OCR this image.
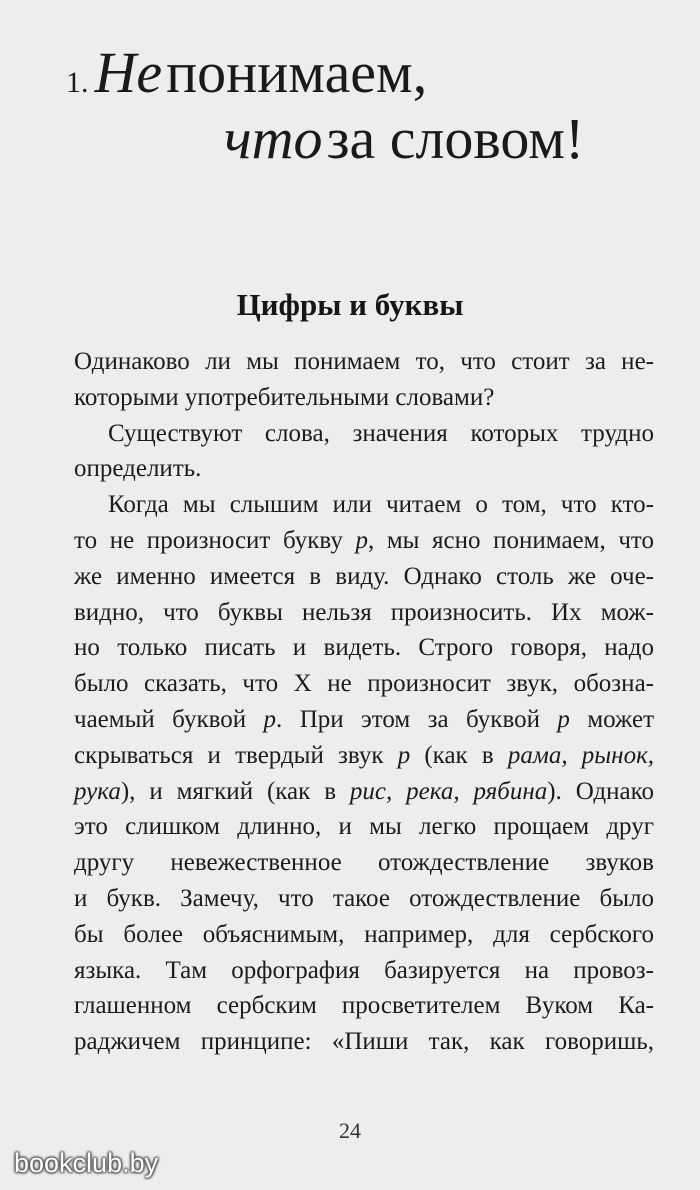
1. Не понимаем,
что за словом!
Цифры и буквы
Одинаково ли мы понимаем то, что стоит за не-
которыми употребительными словами?
Существуют слова, значения которых трудно
определить.
Когда мы слышим или читаем о том, что кто-
то не произносит букву р, мы ясно понимаем, что
же именно имеется в виду. Однако столь же оче-
видно, что буквы нельзя произносить. Их мож-
но только писать и видеть. Строго говоря, надо
было сказать, что Х не произносит звук, обозна-
чаемый буквой р. При этом за буквой р может
скрываться и твердый звук р (как в рама, рынок,
рука), и мягкий (как в рис, река, рябина). Однако
это слишком длинно, и мы легко прощаем друг
другу невежественное отождествление звуков
и букв. Замечу, что такое отождествление было
бы более объяснимым, например, для сербского
языка. Там орфография базируется на провоз-
глашенном сербским просветителем Вуком Ка-
раджичем принципе: «Пиши так, как говоришь,
24
bookclub.by
